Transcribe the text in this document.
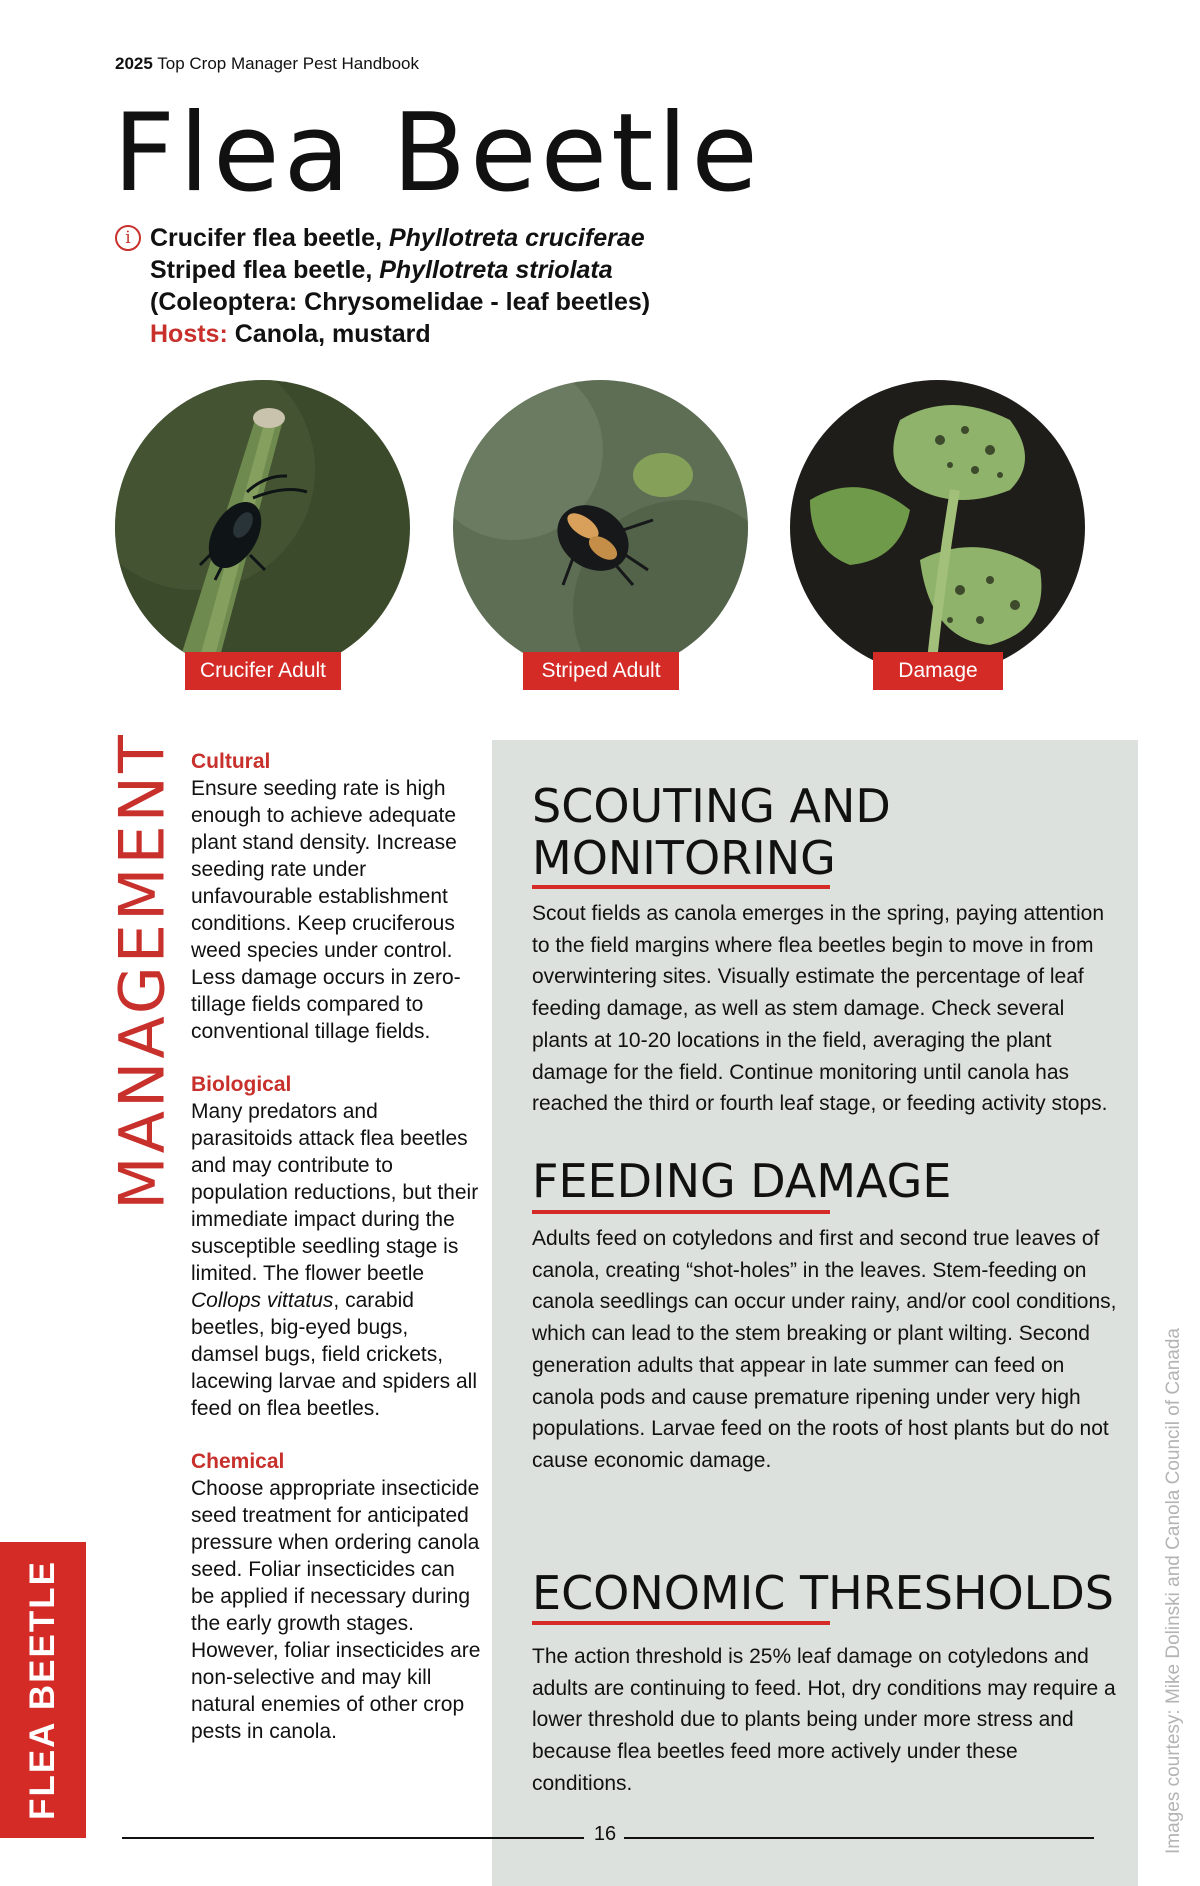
2025 Top Crop Manager Pest Handbook
Flea Beetle
i Crucifer flea beetle, Phyllotreta cruciferae
Striped flea beetle, Phyllotreta striolata
(Coleoptera: Chrysomelidae - leaf beetles)
Hosts: Canola, mustard
Crucifer Adult	Striped Adult	Damage
MANAGEMENT Cultural

Ensure seeding rate is high enough to achieve adequate plant stand density. Increase seeding rate under unfavourable establishment conditions. Keep cruciferous weed species under control. Less damage occurs in zero-tillage fields compared to conventional tillage fields.

Biological

Many predators and parasitoids attack flea beetles and may contribute to population reductions, but their immediate impact during the susceptible seedling stage is limited. The flower beetle Collops vittatus, carabid beetles, big-eyed bugs, damsel bugs, field crickets, lacewing larvae and spiders all feed on flea beetles.

Chemical

Choose appropriate insecticide seed treatment for anticipated pressure when ordering canola seed. Foliar insecticides can be applied if necessary during the early growth stages. However, foliar insecticides are non-selective and may kill natural enemies of other crop pests in canola.

SCOUTING AND
MONITORING

Scout fields as canola emerges in the spring, paying attention to the field margins where flea beetles begin to move in from overwintering sites. Visually estimate the percentage of leaf feeding damage, as well as stem damage. Check several plants at 10-20 locations in the field, averaging the plant damage for the field. Continue monitoring until canola has reached the third or fourth leaf stage, or feeding activity stops.

FEEDING DAMAGE

Adults feed on cotyledons and first and second true leaves of canola, creating “shot-holes” in the leaves. Stem-feeding on canola seedlings can occur under rainy, and/or cool conditions, which can lead to the stem breaking or plant wilting. Second generation adults that appear in late summer can feed on canola pods and cause premature ripening under very high populations. Larvae feed on the roots of host plants but do not cause economic damage.

ECONOMIC THRESHOLDS

The action threshold is 25% leaf damage on cotyledons and adults are continuing to feed. Hot, dry conditions may require a lower threshold due to plants being under more stress and because flea beetles feed more actively under these conditions.

FLEA BEETLE	Images courtesy: Mike Dolinski and Canola Council of Canada
16
